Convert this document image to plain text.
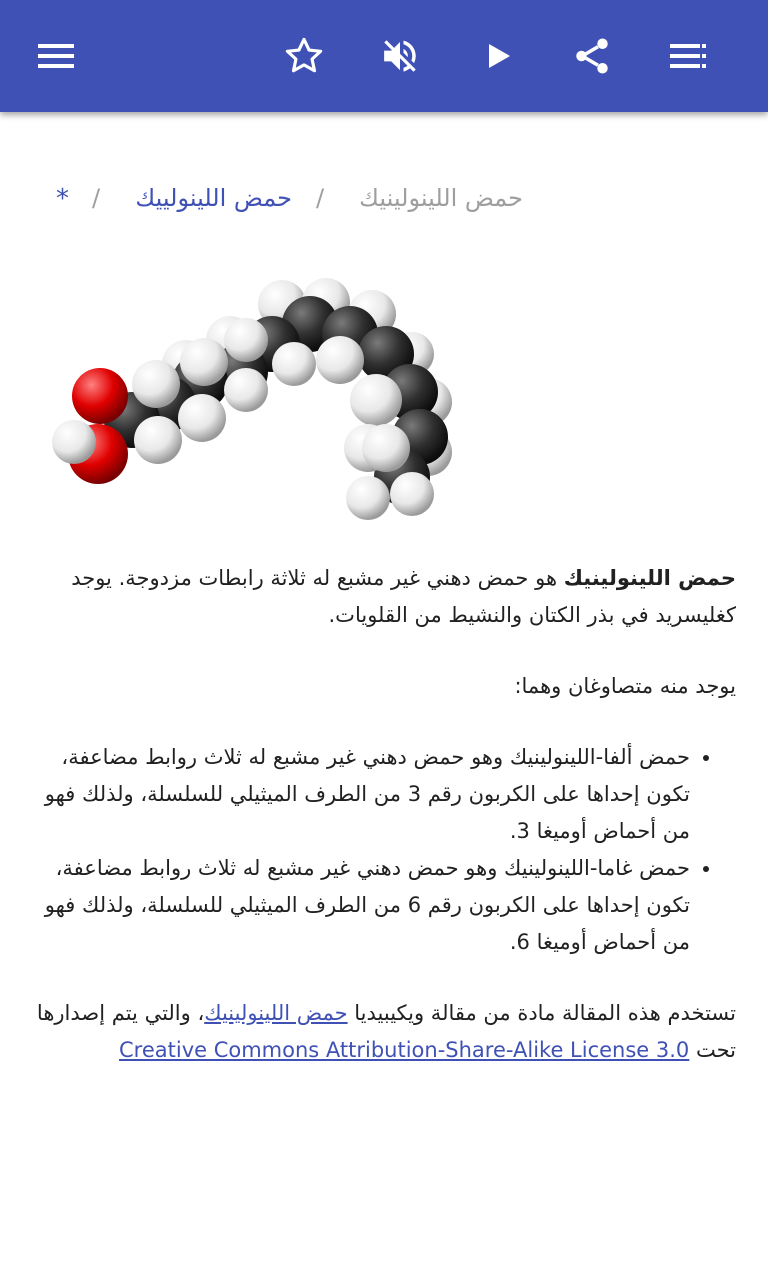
حمض اللينولينيك
/
حمض اللينولييك
/
*

حمض اللينولينيك هو حمض دهني غير مشبع له ثلاثة رابطات مزدوجة. يوجد كغليسريد في بذر الكتان والنشيط من القلويات.

يوجد منه متصاوغان وهما:

• حمض ألفا-اللينولينيك وهو حمض دهني غير مشبع له ثلاث روابط مضاعفة، تكون إحداها على الكربون رقم 3 من الطرف الميثيلي للسلسلة، ولذلك فهو من أحماض أوميغا 3.
• حمض غاما-اللينولينيك وهو حمض دهني غير مشبع له ثلاث روابط مضاعفة، تكون إحداها على الكربون رقم 6 من الطرف الميثيلي للسلسلة، ولذلك فهو من أحماض أوميغا 6.

تستخدم هذه المقالة مادة من مقالة ويكيبيديا حمض اللينولينيك، والتي يتم إصدارها تحت Creative Commons Attribution-Share-Alike License 3.0
